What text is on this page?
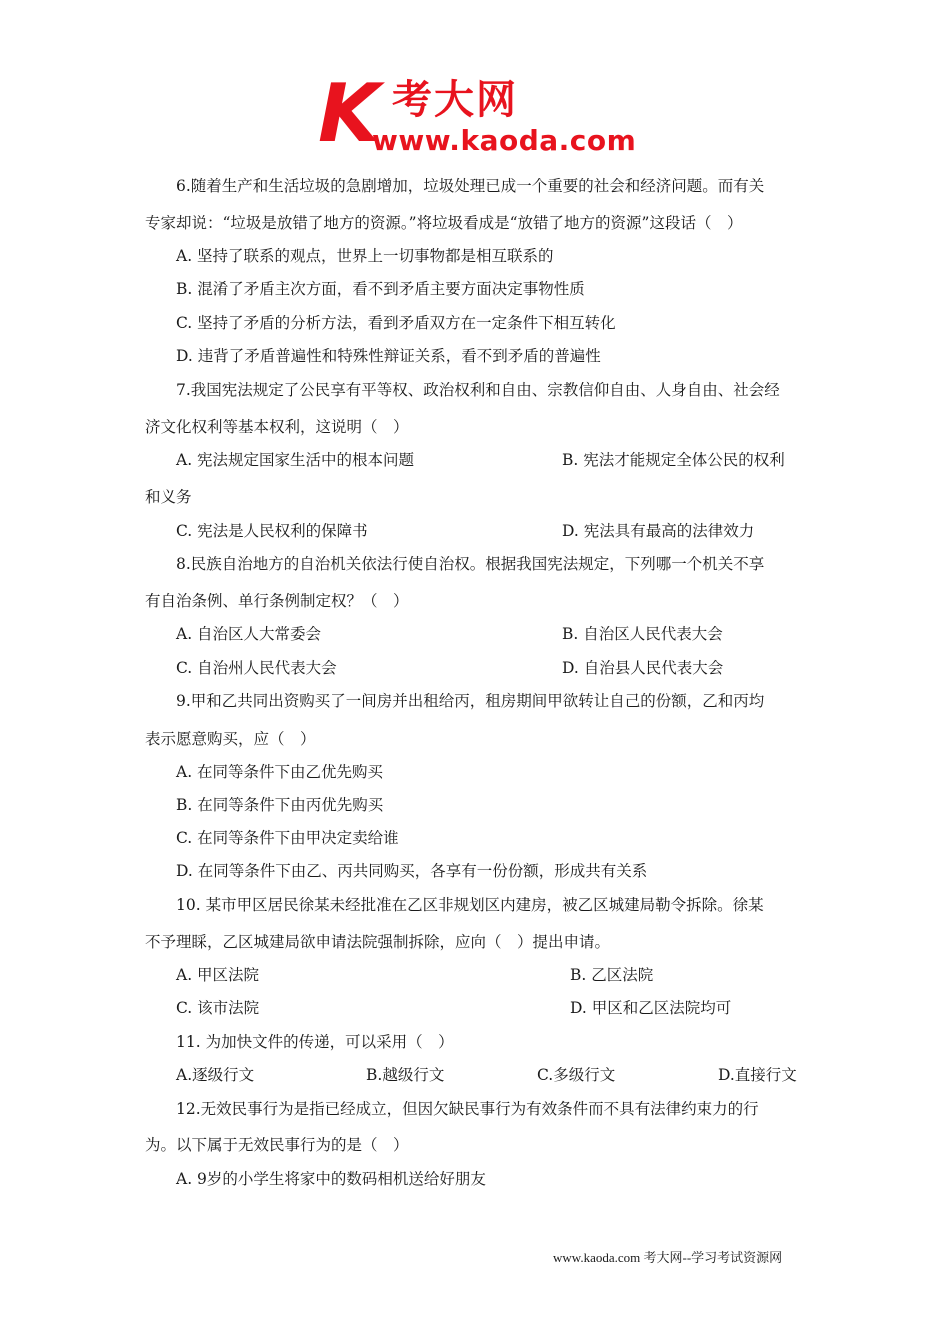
K 考大网
www.kaoda.com
6.随着生产和生活垃圾的急剧增加，垃圾处理已成一个重要的社会和经济问题。而有关
专家却说：“垃圾是放错了地方的资源。”将垃圾看成是“放错了地方的资源”这段话（　）
A. 坚持了联系的观点，世界上一切事物都是相互联系的
B. 混淆了矛盾主次方面，看不到矛盾主要方面决定事物性质
C. 坚持了矛盾的分析方法，看到矛盾双方在一定条件下相互转化
D. 违背了矛盾普遍性和特殊性辩证关系，看不到矛盾的普遍性
7.我国宪法规定了公民享有平等权、政治权利和自由、宗教信仰自由、人身自由、社会经
济文化权利等基本权利，这说明（　）
A. 宪法规定国家生活中的根本问题	B. 宪法才能规定全体公民的权利
和义务
C. 宪法是人民权利的保障书	D. 宪法具有最高的法律效力
8.民族自治地方的自治机关依法行使自治权。根据我国宪法规定，下列哪一个机关不享
有自治条例、单行条例制定权？（　）
A. 自治区人大常委会	B. 自治区人民代表大会
C. 自治州人民代表大会	D. 自治县人民代表大会
9.甲和乙共同出资购买了一间房并出租给丙，租房期间甲欲转让自己的份额，乙和丙均
表示愿意购买，应（　）
A. 在同等条件下由乙优先购买
B. 在同等条件下由丙优先购买
C. 在同等条件下由甲决定卖给谁
D. 在同等条件下由乙、丙共同购买，各享有一份份额，形成共有关系
10. 某市甲区居民徐某未经批准在乙区非规划区内建房，被乙区城建局勒令拆除。徐某
不予理睬，乙区城建局欲申请法院强制拆除，应向（　）提出申请。
A. 甲区法院	B. 乙区法院
C. 该市法院	D. 甲区和乙区法院均可
11. 为加快文件的传递，可以采用（　）
A.逐级行文	B.越级行文	C.多级行文	D.直接行文
12.无效民事行为是指已经成立，但因欠缺民事行为有效条件而不具有法律约束力的行
为。以下属于无效民事行为的是（　）
A. 9岁的小学生将家中的数码相机送给好朋友
www.kaoda.com 考大网--学习考试资源网
